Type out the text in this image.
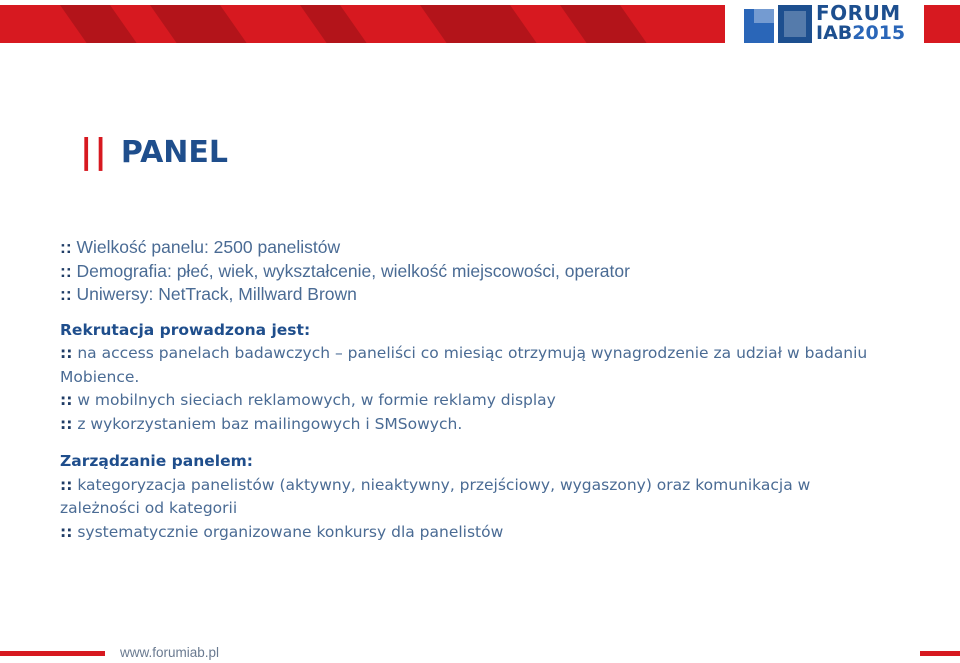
FORUM
IAB2015
|| PANEL
:: Wielkość panelu: 2500 panelistów
:: Demografia: płeć, wiek, wykształcenie, wielkość miejscowości, operator
:: Uniwersy: NetTrack, Millward Brown
Rekrutacja prowadzona jest:
:: na access panelach badawczych – paneliści co miesiąc otrzymują wynagrodzenie za udział w badaniu Mobience.
:: w mobilnych sieciach reklamowych, w formie reklamy display
:: z wykorzystaniem baz mailingowych i SMSowych.
Zarządzanie panelem:
:: kategoryzacja panelistów (aktywny, nieaktywny, przejściowy, wygaszony) oraz komunikacja w zależności od kategorii
:: systematycznie organizowane konkursy dla panelistów
www.forumiab.pl
